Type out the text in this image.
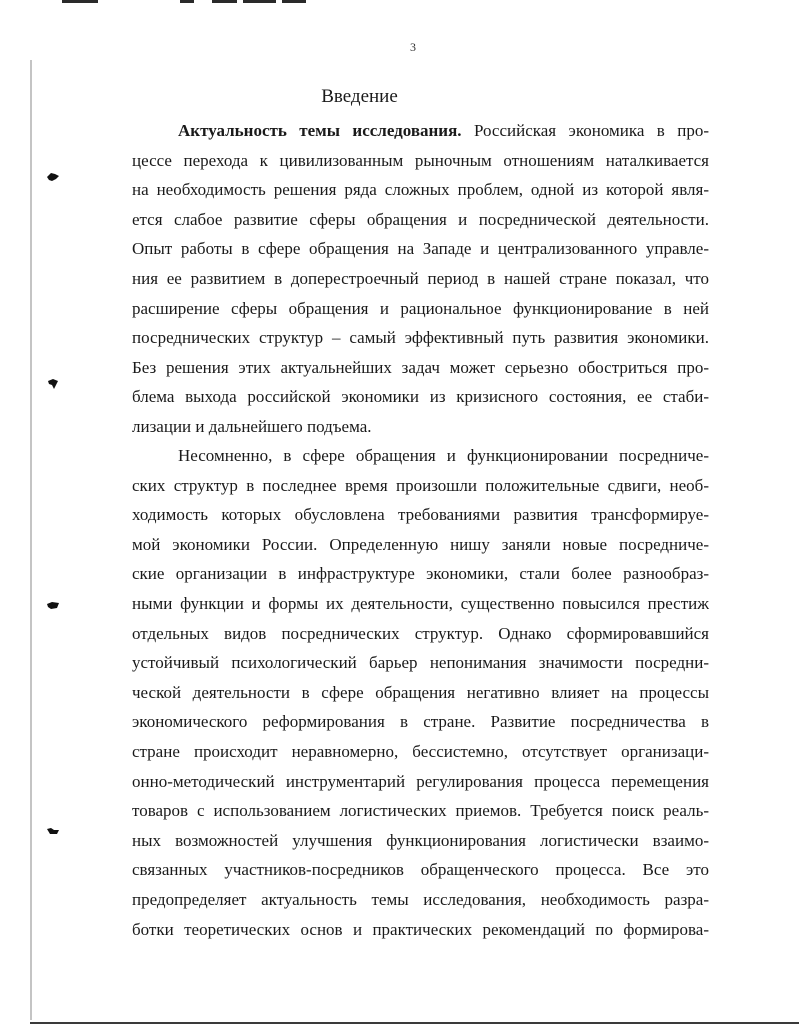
3
Введение
Актуальность темы исследования. Российская экономика в про-
цессе перехода к цивилизованным рыночным отношениям наталкивается
на необходимость решения ряда сложных проблем, одной из которой явля-
ется слабое развитие сферы обращения и посреднической деятельности.
Опыт работы в сфере обращения на Западе и централизованного управле-
ния ее развитием в доперестроечный период в нашей стране показал, что
расширение сферы обращения и рациональное функционирование в ней
посреднических структур – самый эффективный путь развития экономики.
Без решения этих актуальнейших задач может серьезно обостриться про-
блема выхода российской экономики из кризисного состояния, ее стаби-
лизации и дальнейшего подъема.
Несомненно, в сфере обращения и функционировании посредниче-
ских структур в последнее время произошли положительные сдвиги, необ-
ходимость которых обусловлена требованиями развития трансформируе-
мой экономики России. Определенную нишу заняли новые посредниче-
ские организации в инфраструктуре экономики, стали более разнообраз-
ными функции и формы их деятельности, существенно повысился престиж
отдельных видов посреднических структур. Однако сформировавшийся
устойчивый психологический барьер непонимания значимости посредни-
ческой деятельности в сфере обращения негативно влияет на процессы
экономического реформирования в стране. Развитие посредничества в
стране происходит неравномерно, бессистемно, отсутствует организаци-
онно-методический инструментарий регулирования процесса перемещения
товаров с использованием логистических приемов. Требуется поиск реаль-
ных возможностей улучшения функционирования логистически взаимо-
связанных участников-посредников обращенческого процесса. Все это
предопределяет актуальность темы исследования, необходимость разра-
ботки теоретических основ и практических рекомендаций по формирова-
